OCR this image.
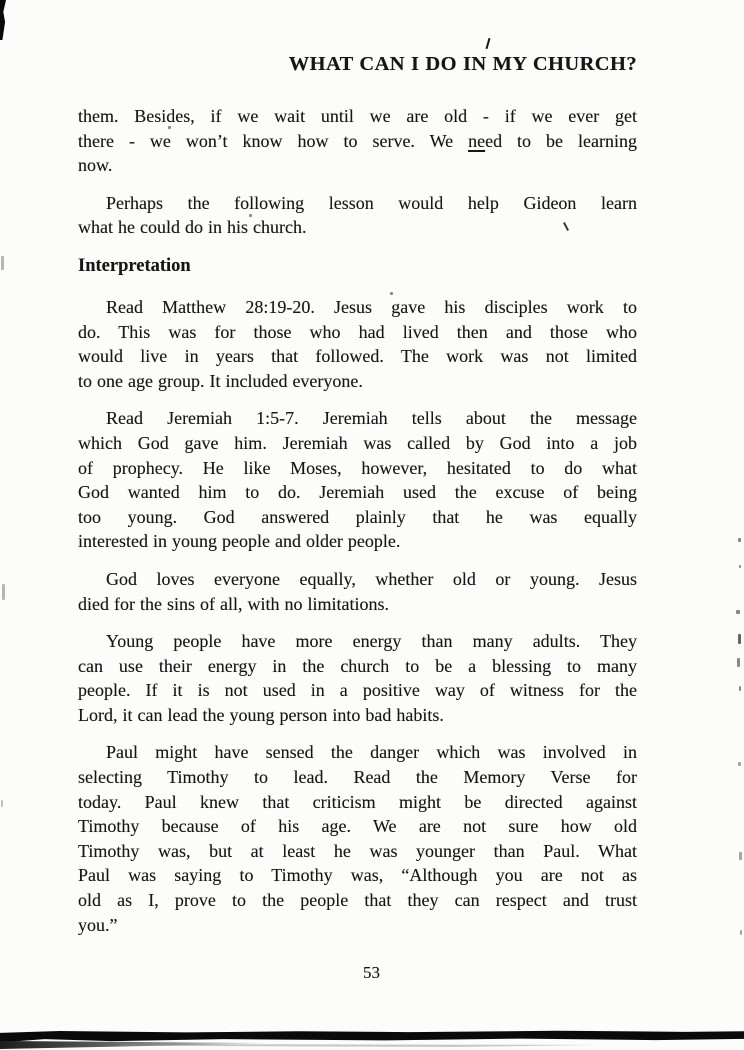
WHAT CAN I DO IN MY CHURCH?
them. Besides, if we wait until we are old - if we ever get
there - we won’t know how to serve. We need to be learning
now.
Perhaps the following lesson would help Gideon learn
what he could do in his church.
Interpretation
Read Matthew 28:19-20. Jesus gave his disciples work to
do. This was for those who had lived then and those who
would live in years that followed. The work was not limited
to one age group. It included everyone.
Read Jeremiah 1:5-7. Jeremiah tells about the message
which God gave him. Jeremiah was called by God into a job
of prophecy. He like Moses, however, hesitated to do what
God wanted him to do. Jeremiah used the excuse of being
too young. God answered plainly that he was equally
interested in young people and older people.
God loves everyone equally, whether old or young. Jesus
died for the sins of all, with no limitations.
Young people have more energy than many adults. They
can use their energy in the church to be a blessing to many
people. If it is not used in a positive way of witness for the
Lord, it can lead the young person into bad habits.
Paul might have sensed the danger which was involved in
selecting Timothy to lead. Read the Memory Verse for
today. Paul knew that criticism might be directed against
Timothy because of his age. We are not sure how old
Timothy was, but at least he was younger than Paul. What
Paul was saying to Timothy was, “Although you are not as
old as I, prove to the people that they can respect and trust
you.”
53
